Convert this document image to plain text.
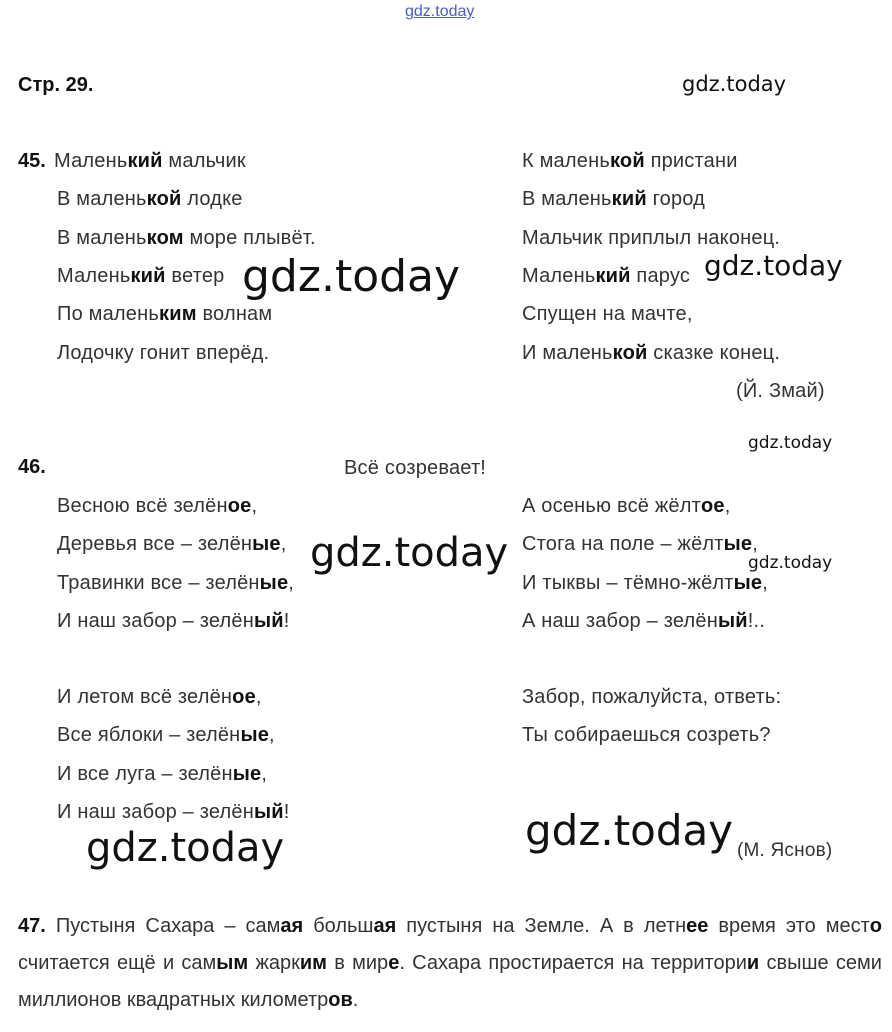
gdz.today
gdz.today
gdz.today	gdz.today
gdz.today
gdz.today	gdz.today
gdz.today
gdz.today
Стр. 29.
45. Маленький мальчик
В маленькой лодке
В маленьком море плывёт.
Маленький ветер
По маленьким волнам
Лодочку гонит вперёд.
К маленькой пристани
В маленький город
Мальчик приплыл наконец.
Маленький парус
Спущен на мачте,
И маленькой сказке конец.
(Й. Змай)
46.	Всё созревает!
Весною всё зелёное,
Деревья все – зелёные,
Травинки все – зелёные,
И наш забор – зелёный!
И летом всё зелёное,
Все яблоки – зелёные,
И все луга – зелёные,
И наш забор – зелёный!
А осенью всё жёлтое,
Стога на поле – жёлтые,
И тыквы – тёмно-жёлтые,
А наш забор – зелёный!..
Забор, пожалуйста, ответь:
Ты собираешься созреть?
(М. Яснов)
47. Пустыня Сахара – самая большая пустыня на Земле. А в летнее время это место считается ещё и самым жарким в мире. Сахара простирается на территории свыше семи миллионов квадратных километров.
